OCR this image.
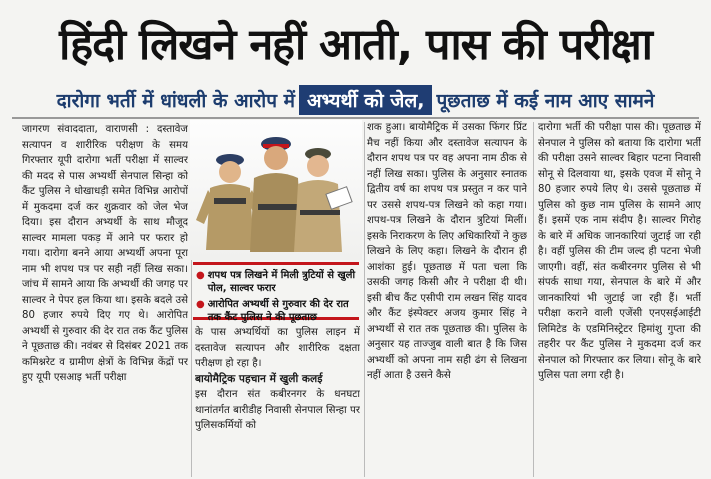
हिंदी लिखने नहीं आती, पास की परीक्षा
दारोगा भर्ती में धांधली के आरोप में अभ्यर्थी को जेल, पूछताछ में कई नाम आए सामने

जागरण संवाददाता, वाराणसी : दस्तावेज सत्यापन व शारीरिक परीक्षण के समय गिरफ्तार यूपी दारोगा भर्ती परीक्षा में साल्वर की मदद से पास अभ्यर्थी सेनपाल सिन्हा को कैंट पुलिस ने धोखाधड़ी समेत विभिन्न आरोपों में मुकदमा दर्ज कर शुक्रवार को जेल भेज दिया। इस दौरान अभ्यर्थी के साथ मौजूद साल्वर मामला पकड़ में आने पर फरार हो गया। दारोगा बनने आया अभ्यर्थी अपना पूरा नाम भी शपथ पत्र पर सही नहीं लिख सका। जांच में सामने आया कि अभ्यर्थी की जगह पर साल्वर ने पेपर हल किया था। इसके बदले उसे 80 हजार रुपये दिए गए थे। आरोपित अभ्यर्थी से गुरुवार की देर रात तक कैंट पुलिस ने पूछताछ की। नवंबर से दिसंबर 2021 तक कमिश्नरेट व ग्रामीण क्षेत्रों के विभिन्न केंद्रों पर हुए यूपी एसआइ भर्ती परीक्षा

● शपथ पत्र लिखने में मिली त्रुटियों से खुली पोल, साल्वर फरार
● आरोपित अभ्यर्थी से गुरुवार की देर रात तक कैंट पुलिस ने की पूछताछ

के पास अभ्यर्थियों का पुलिस लाइन में दस्तावेज सत्यापन और शारीरिक दक्षता परीक्षण हो रहा है।

बायोमैट्रिक पहचान में खुली कलई

इस दौरान संत कबीरनगर के धनघटा थानांतर्गत बारीडीह निवासी सेनपाल सिन्हा पर पुलिसकर्मियों को

शक हुआ। बायोमैट्रिक में उसका फिंगर प्रिंट मैच नहीं किया और दस्तावेज सत्यापन के दौरान शपथ पत्र पर वह अपना नाम ठीक से नहीं लिख सका। पुलिस के अनुसार स्नातक द्वितीय वर्ष का शपथ पत्र प्रस्तुत न कर पाने पर उससे शपथ-पत्र लिखने को कहा गया। शपथ-पत्र लिखने के दौरान त्रुटियां मिलीं। इसके निराकरण के लिए अधिकारियों ने कुछ लिखने के लिए कहा। लिखने के दौरान ही आशंका हुई। पूछताछ में पता चला कि उसकी जगह किसी और ने परीक्षा दी थी। इसी बीच कैंट एसीपी राम लखन सिंह यादव और कैंट इंस्पेक्टर अजय कुमार सिंह ने अभ्यर्थी से रात तक पूछताछ की। पुलिस के अनुसार यह ताज्जुब वाली बात है कि जिस अभ्यर्थी को अपना नाम सही ढंग से लिखना नहीं आता है उसने कैसे

दारोगा भर्ती की परीक्षा पास की। पूछताछ में सेनपाल ने पुलिस को बताया कि दारोगा भर्ती की परीक्षा उसने साल्वर बिहार पटना निवासी सोनू से दिलवाया था, इसके एवज में सोनू ने 80 हजार रुपये लिए थे। उससे पूछताछ में पुलिस को कुछ नाम पुलिस के सामने आए हैं। इसमें एक नाम संदीप है। साल्वर गिरोह के बारे में अधिक जानकारियां जुटाई जा रही है। वहीं पुलिस की टीम जल्द ही पटना भेजी जाएगी। वहीं, संत कबीरनगर पुलिस से भी संपर्क साधा गया, सेनपाल के बारे में और जानकारियां भी जुटाई जा रही हैं। भर्ती परीक्षा कराने वाली एजेंसी एनएसईआईटी लिमिटेड के एडमिनिस्ट्रेटर हिमांशु गुप्ता की तहरीर पर कैंट पुलिस ने मुकदमा दर्ज कर सेनपाल को गिरफ्तार कर लिया। सोनू के बारे पुलिस पता लगा रही है।
